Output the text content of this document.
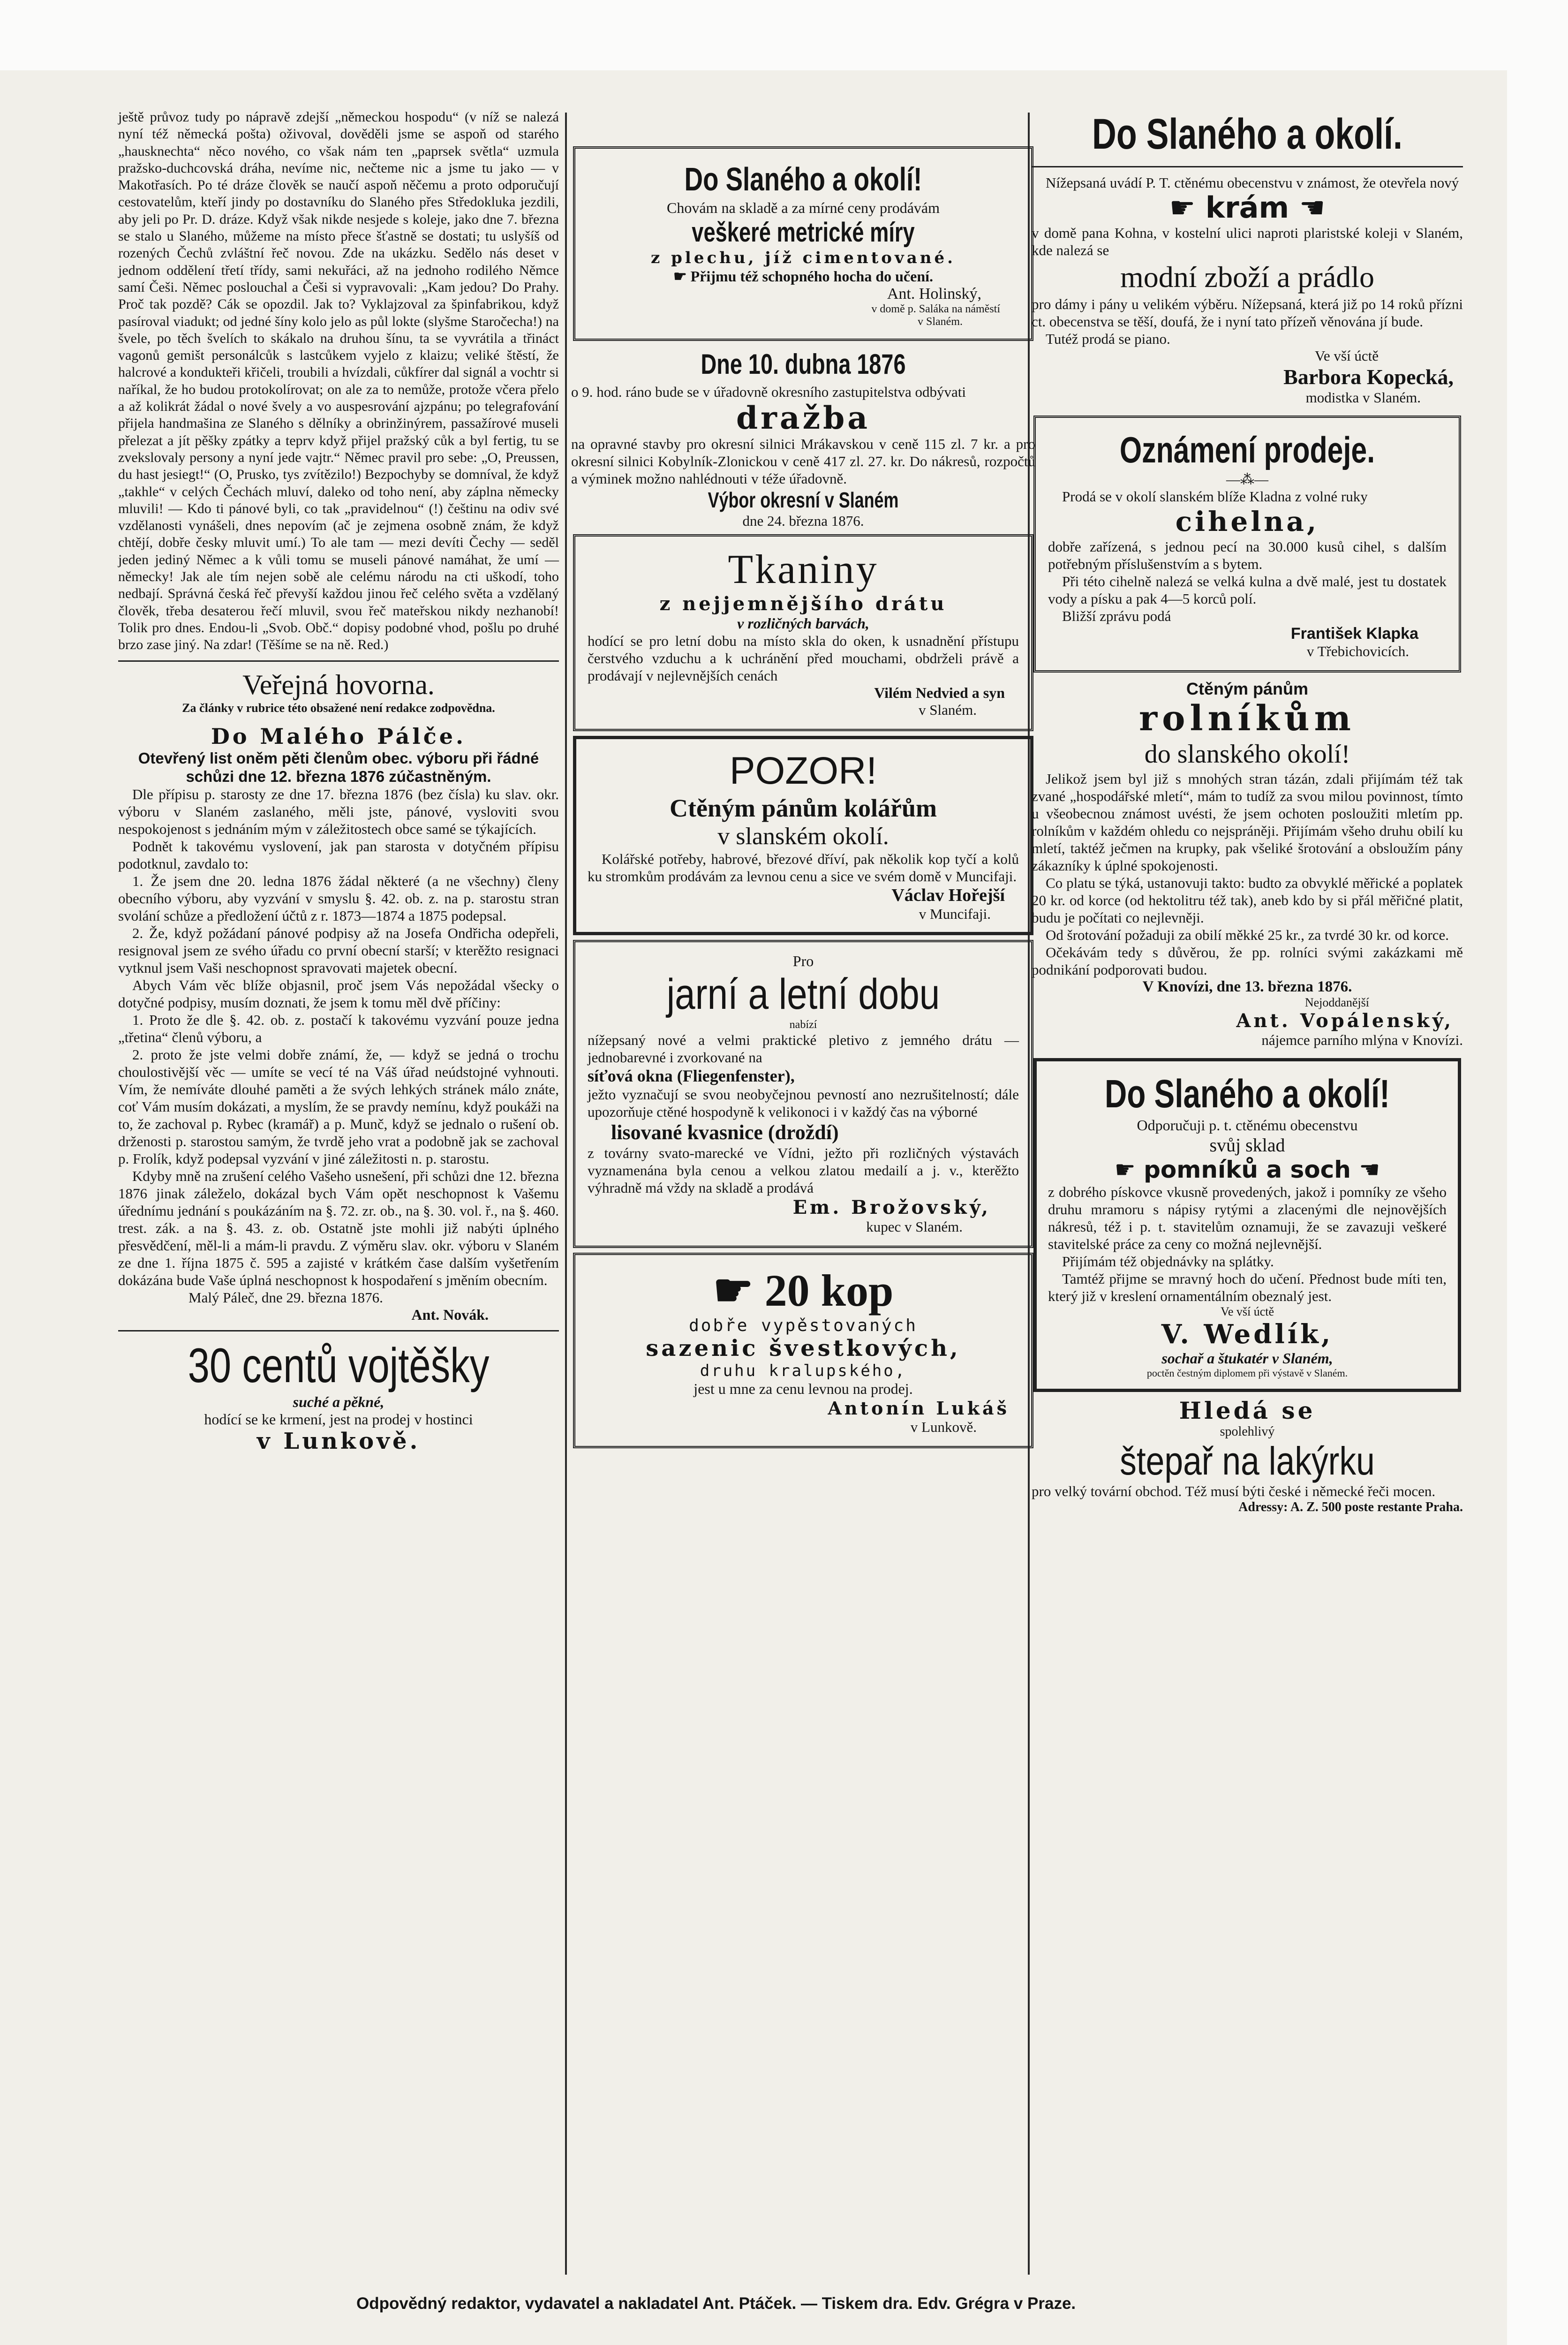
ještě průvoz tudy po nápravě zdejší „německou hospodu“ (v níž se nalezá nyní též německá pošta) oživoval, dověděli jsme se aspoň od starého „hausknechta“ něco nového, co však nám ten „paprsek světla“ uzmula pražsko-duchcovská dráha, nevíme nic, nečteme nic a jsme tu jako — v Makotřasích. Po té dráze člověk se naučí aspoň něčemu a proto odporučují cestovatelům, kteří jindy po dostavníku do Slaného přes Středokluka jezdili, aby jeli po Pr. D. dráze. Když však nikde nesjede s koleje, jako dne 7. března se stalo u Slaného, můžeme na místo přece šťastně se dostati; tu uslyšíš od rozených Čechů zvláštní řeč novou. Zde na ukázku. Sedělo nás deset v jednom oddělení třetí třídy, sami nekuřáci, až na jednoho rodilého Němce samí Češi. Němec poslouchal a Češi si vypravovali: „Kam jedou? Do Prahy. Proč tak pozdě? Cák se opozdil. Jak to? Vyklajzoval za špinfabrikou, když pasíroval viadukt; od jedné šíny kolo jelo as půl lokte (slyšme Staročecha!) na švele, po těch švelích to skákalo na druhou šínu, ta se vyvrátila a třináct vagonů gemišt personálcůk s lastcůkem vyjelo z klaizu; veliké štěstí, že halcrové a kondukteři křičeli, troubili a hvízdali, cůkfírer dal signál a vochtr si naříkal, že ho budou protokolírovat; on ale za to nemůže, protože včera přelo a až kolikrát žádal o nové švely a vo auspesrování ajzpánu; po telegrafování přijela handmašina ze Slaného s dělníky a obrinžinýrem, passažírové museli přelezat a jít pěšky zpátky a teprv když přijel pražský cůk a byl fertig, tu se zvekslovaly persony a nyní jede vajtr.“ Němec pravil pro sebe: „O, Preussen, du hast jesiegt!“ (O, Prusko, tys zvítězilo!) Bezpochyby se domníval, že když „takhle“ v celých Čechách mluví, daleko od toho není, aby záplna německy mluvili! — Kdo ti pánové byli, co tak „pravidelnou“ (!) češtinu na odiv své vzdělanosti vynášeli, dnes nepovím (ač je zejmena osobně znám, že když chtějí, dobře česky mluvit umí.) To ale tam — mezi devíti Čechy — seděl jeden jediný Němec a k vůli tomu se museli pánové namáhat, že umí — německy! Jak ale tím nejen sobě ale celému národu na cti uškodí, toho nedbají. Správná česká řeč převyší každou jinou řeč celého světa a vzdělaný člověk, třeba desaterou řečí mluvil, svou řeč mateřskou nikdy nezhanobí! Tolik pro dnes. Endou-li „Svob. Obč.“ dopisy podobné vhod, pošlu po druhé brzo zase jiný. Na zdar! (Těšíme se na ně. Red.)

Veřejná hovorna.
Za články v rubrice této obsažené není redakce zodpovědna.
Do Malého Pálče.
Otevřený list oněm pěti členům obec. výboru při řádné schůzi dne 12. března 1876 zúčastněným.

Dle přípisu p. starosty ze dne 17. března 1876 (bez čísla) ku slav. okr. výboru v Slaném zaslaného, měli jste, pánové, vysloviti svou nespokojenost s jednáním mým v záležitostech obce samé se týkajících.

Podnět k takovému vyslovení, jak pan starosta v dotyčném přípisu podotknul, zavdalo to:

1. Že jsem dne 20. ledna 1876 žádal některé (a ne všechny) členy obecního výboru, aby vyzvání v smyslu §. 42. ob. z. na p. starostu stran svolání schůze a předložení účtů z r. 1873—1874 a 1875 podepsal.

2. Že, když požádaní pánové podpisy až na Josefa Ondřicha odepřeli, resignoval jsem ze svého úřadu co první obecní starší; v kterěžto resignaci vytknul jsem Vaši neschopnost spravovati majetek obecní.

Abych Vám věc blíže objasnil, proč jsem Vás nepožádal všecky o dotyčné podpisy, musím doznati, že jsem k tomu měl dvě příčiny:

1. Proto že dle §. 42. ob. z. postačí k takovému vyzvání pouze jedna „třetina“ členů výboru, a

2. proto že jste velmi dobře známí, že, — když se jedná o trochu choulostivější věc — umíte se vecí té na Váš úřad neúdstojné vyhnouti. Vím, že nemíváte dlouhé paměti a že svých lehkých stránek málo znáte, coť Vám musím dokázati, a myslím, že se pravdy nemínu, když poukáži na to, že zachoval p. Rybec (kramář) a p. Munč, když se jednalo o rušení ob. drženosti p. starostou samým, že tvrdě jeho vrat a podobně jak se zachoval p. Frolík, když podepsal vyzvání v jiné záležitosti n. p. starostu.

Kdyby mně na zrušení celého Vašeho usnešení, při schůzi dne 12. března 1876 jinak záleželo, dokázal bych Vám opět neschopnost k Vašemu úřednímu jednání s poukázáním na §. 72. zr. ob., na §. 30. vol. ř., na §. 460. trest. zák. a na §. 43. z. ob. Ostatně jste mohli již nabýti úplného přesvědčení, měl-li a mám-li pravdu. Z výměru slav. okr. výboru v Slaném ze dne 1. října 1875 č. 595 a zajisté v krátkém čase dalším vyšetřením dokázána bude Vaše úplná neschopnost k hospodaření s jměním obecním.

Malý Páleč, dne 29. března 1876.

Ant. Novák.
30 centů vojtěšky
suché a pěkné,
hodící se ke krmení, jest na prodej v hostinci
v Lunkově.
Do Slaného a okolí!
Chovám na skladě a za mírné ceny prodávám
veškeré metrické míry
z plechu, jíž cimentované.
☛ Přijmu též schopného hocha do učení.
Ant. Holinský,
v domě p. Saláka na náměstí
v Slaném.
Dne 10. dubna 1876

o 9. hod. ráno bude se v úřadovně okresního zastupitelstva odbývati

dražba

na opravné stavby pro okresní silnici Mrákavskou v ceně 115 zl. 7 kr. a pro okresní silnici Kobylník-Zlonickou v ceně 417 zl. 27. kr. Do nákresů, rozpočtů a výminek možno nahlédnouti v téže úřadovně.

Výbor okresní v Slaném
dne 24. března 1876.
Tkaniny
z nejjemnějšího drátu
v rozličných barvách,

hodící se pro letní dobu na místo skla do oken, k usnadnění přístupu čerstvého vzduchu a k uchránění před mouchami, obdrželi právě a prodávají v nejlevnějších cenách

Vilém Nedvied a syn
v Slaném.
POZOR!
Ctěným pánům kolářům
v slanském okolí.

Kolářské potřeby, habrové, březové dříví, pak několik kop tyčí a kolů ku stromkům prodávám za levnou cenu a sice ve svém domě v Muncifaji.

Václav Hořejší
v Muncifaji.
Pro
jarní a letní dobu
nabízí

nížepsaný nové a velmi praktické pletivo z jemného drátu — jednobarevné i zvorkované na

síťová okna (Fliegenfenster),

ježto vyznačují se svou neobyčejnou pevností ano nezrušitelností; dále upozorňuje ctěné hospodyně k velikonoci i v každý čas na výborné

lisované kvasnice (droždí)

z továrny svato-marecké ve Vídni, ježto při rozličných výstavách vyznamenána byla cenou a velkou zlatou medailí a j. v., kterěžto výhradně má vždy na skladě a prodává

Em. Brožovský,
kupec v Slaném.
☛ 20 kop
dobře vypěstovaných
sazenic švestkových,
druhu kralupského,
jest u mne za cenu levnou na prodej.
Antonín Lukáš
v Lunkově.
Do Slaného a okolí.

Nížepsaná uvádí P. T. ctěnému obecenstvu v známost, že otevřela nový

☛ krám ☚

v domě pana Kohna, v kostelní ulici naproti plaristské koleji v Slaném, kde nalezá se

modní zboží a prádlo

pro dámy i pány u velikém výběru. Nížepsaná, která již po 14 roků přízni ct. obecenstva se těší, doufá, že i nyní tato přízeň věnována jí bude.

Tutéž prodá se piano.

Ve vší úctě
Barbora Kopecká,
modistka v Slaném.
Oznámení prodeje.
—⁂—

Prodá se v okolí slanském blíže Kladna z volné ruky

cihelna,

dobře zařízená, s jednou pecí na 30.000 kusů cihel, s dalším potřebným příslušenstvím a s bytem.

Při této cihelně nalezá se velká kulna a dvě malé, jest tu dostatek vody a písku a pak 4—5 korců polí.

Bližší zprávu podá

František Klapka
v Třebichovicích.
Ctěným pánům
rolníkům
do slanského okolí!

Jelikož jsem byl již s mnohých stran tázán, zdali přijímám též tak zvané „hospodářské mletí“, mám to tudíž za svou milou povinnost, tímto u všeobecnou známost uvésti, že jsem ochoten posloužiti mletím pp. rolníkům v každém ohledu co nejspráněji. Přijímám všeho druhu obilí ku mletí, taktéž ječmen na krupky, pak všeliké šrotování a obsloužím pány zákazníky k úplné spokojenosti.

Co platu se týká, ustanovuji takto: budto za obvyklé měřické a poplatek 20 kr. od korce (od hektolitru též tak), aneb kdo by si přál měřičné platit, budu je počítati co nejlevněji.

Od šrotování požaduji za obilí měkké 25 kr., za tvrdé 30 kr. od korce.

Očekávám tedy s důvěrou, že pp. rolníci svými zakázkami mě podnikání podporovati budou.

V Knovízi, dne 13. března 1876.
Nejoddanější
Ant. Vopálenský,
nájemce parního mlýna v Knovízi.
Do Slaného a okolí!
Odporučuji p. t. ctěnému obecenstvu
svůj sklad
☛ pomníků a soch ☚

z dobrého pískovce vkusně provedených, jakož i pomníky ze všeho druhu mramoru s nápisy rytými a zlacenými dle nejnovějších nákresů, též i p. t. stavitelům oznamuji, že se zavazuji veškeré stavitelské práce za ceny co možná nejlevnější.

Přijímám též objednávky na splátky.

Tamtéž přijme se mravný hoch do učení. Přednost bude míti ten, který již v kreslení ornamentálním obeznalý jest.

Ve vší úctě
V. Wedlík,
sochař a štukatér v Slaném,
poctěn čestným diplomem při výstavě v Slaném.
Hledá se
spolehlivý
štepař na lakýrku

pro velký tovární obchod. Též musí býti české i německé řeči mocen.

Adressy: A. Z. 500 poste restante Praha.
Odpovědný redaktor, vydavatel a nakladatel Ant. Ptáček. — Tiskem dra. Edv. Grégra v Praze.
